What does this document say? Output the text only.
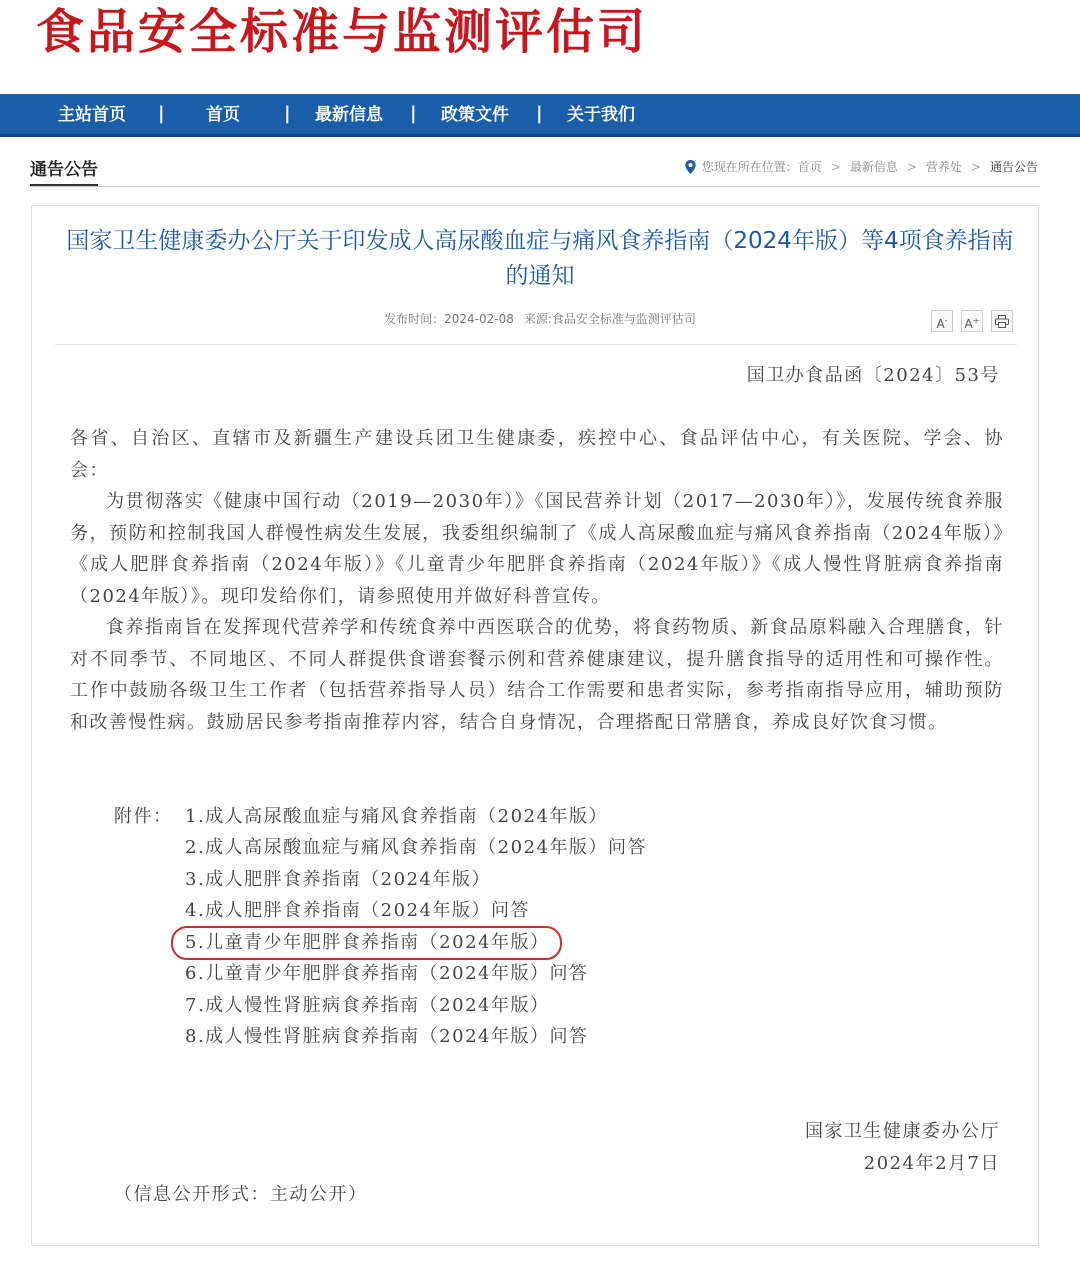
食品安全标准与监测评估司
主站首页 | 首页 | 最新信息 | 政策文件 | 关于我们
通告公告	您现在所在位置：首页 > 最新信息 > 营养处 > 通告公告
国家卫生健康委办公厅关于印发成人高尿酸血症与痛风食养指南（2024年版）等4项食养指南的通知
发布时间：2024-02-08 来源:食品安全标准与监测评估司	A-	A+
国卫办食品函〔2024〕53号

各省、自治区、直辖市及新疆生产建设兵团卫生健康委，疾控中心、食品评估中心，有关医院、学会、协会：

为贯彻落实《健康中国行动（2019—2030年）》《国民营养计划（2017—2030年）》，发展传统食养服务，预防和控制我国人群慢性病发生发展，我委组织编制了《成人高尿酸血症与痛风食养指南（2024年版）》《成人肥胖食养指南（2024年版）》《儿童青少年肥胖食养指南（2024年版）》《成人慢性肾脏病食养指南（2024年版）》。现印发给你们，请参照使用并做好科普宣传。

食养指南旨在发挥现代营养学和传统食养中西医联合的优势，将食药物质、新食品原料融入合理膳食，针对不同季节、不同地区、不同人群提供食谱套餐示例和营养健康建议，提升膳食指导的适用性和可操作性。工作中鼓励各级卫生工作者（包括营养指导人员）结合工作需要和患者实际，参考指南指导应用，辅助预防和改善慢性病。鼓励居民参考指南推荐内容，结合自身情况，合理搭配日常膳食，养成良好饮食习惯。

附件： 1.成人高尿酸血症与痛风食养指南（2024年版）
2.成人高尿酸血症与痛风食养指南（2024年版）问答
3.成人肥胖食养指南（2024年版）
4.成人肥胖食养指南（2024年版）问答
5.儿童青少年肥胖食养指南（2024年版）
6.儿童青少年肥胖食养指南（2024年版）问答
7.成人慢性肾脏病食养指南（2024年版）
8.成人慢性肾脏病食养指南（2024年版）问答
国家卫生健康委办公厅
2024年2月7日
（信息公开形式：主动公开）
